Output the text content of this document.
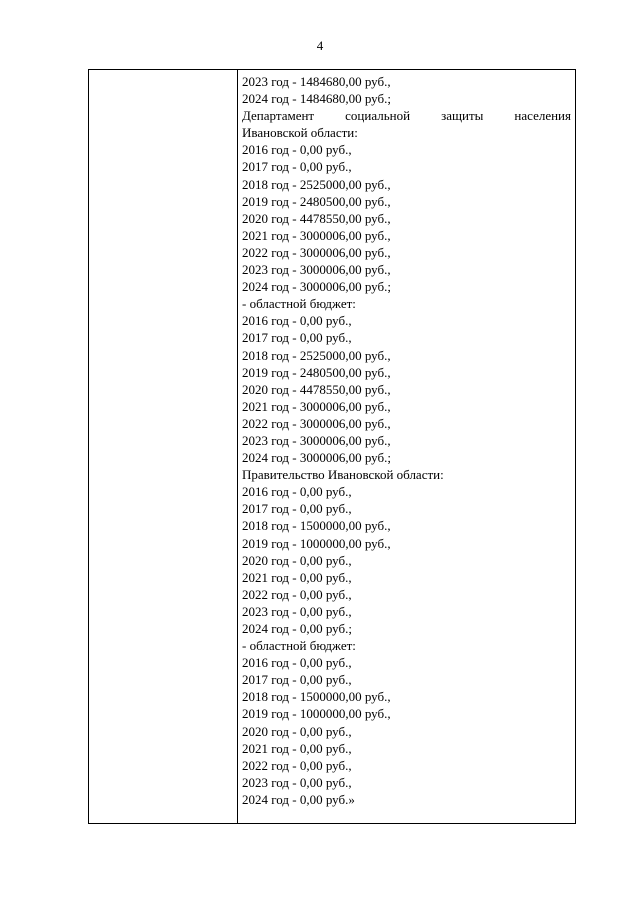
4
2023 год - 1484680,00 руб.,
2024 год - 1484680,00 руб.;
Департамент социальной защиты населения
Ивановской области:
2016 год - 0,00 руб.,
2017 год - 0,00 руб.,
2018 год - 2525000,00 руб.,
2019 год - 2480500,00 руб.,
2020 год - 4478550,00 руб.,
2021 год - 3000006,00 руб.,
2022 год - 3000006,00 руб.,
2023 год - 3000006,00 руб.,
2024 год - 3000006,00 руб.;
- областной бюджет:
2016 год - 0,00 руб.,
2017 год - 0,00 руб.,
2018 год - 2525000,00 руб.,
2019 год - 2480500,00 руб.,
2020 год - 4478550,00 руб.,
2021 год - 3000006,00 руб.,
2022 год - 3000006,00 руб.,
2023 год - 3000006,00 руб.,
2024 год - 3000006,00 руб.;
Правительство Ивановской области:
2016 год - 0,00 руб.,
2017 год - 0,00 руб.,
2018 год - 1500000,00 руб.,
2019 год - 1000000,00 руб.,
2020 год - 0,00 руб.,
2021 год - 0,00 руб.,
2022 год - 0,00 руб.,
2023 год - 0,00 руб.,
2024 год - 0,00 руб.;
- областной бюджет:
2016 год - 0,00 руб.,
2017 год - 0,00 руб.,
2018 год - 1500000,00 руб.,
2019 год - 1000000,00 руб.,
2020 год - 0,00 руб.,
2021 год - 0,00 руб.,
2022 год - 0,00 руб.,
2023 год - 0,00 руб.,
2024 год - 0,00 руб.»
